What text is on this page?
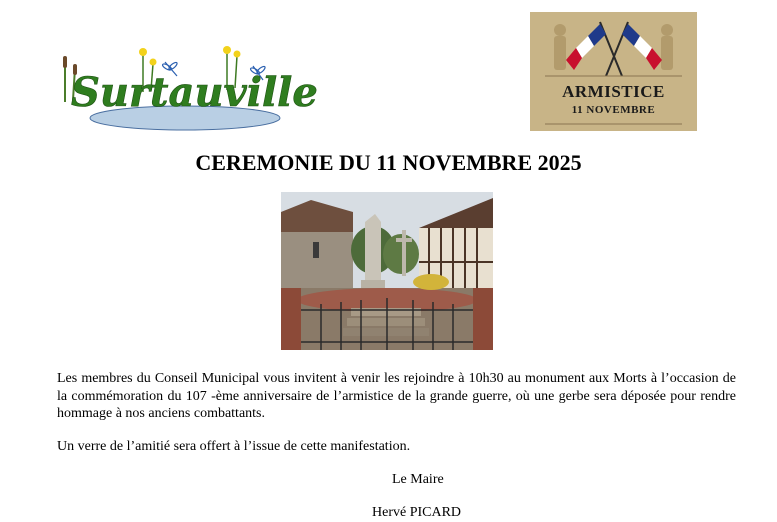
Surtauville	ARMISTICE
11 NOVEMBRE
CEREMONIE DU 11 NOVEMBRE 2025

Les membres du Conseil Municipal vous invitent à venir les rejoindre à 10h30 au monument aux Morts à l’occasion de la commémoration du 107 -ème anniversaire de l’armistice de la grande guerre, où une gerbe sera déposée pour rendre hommage à nos anciens combattants.

Un verre de l’amitié sera offert à l’issue de cette manifestation.

Le Maire

Hervé PICARD
